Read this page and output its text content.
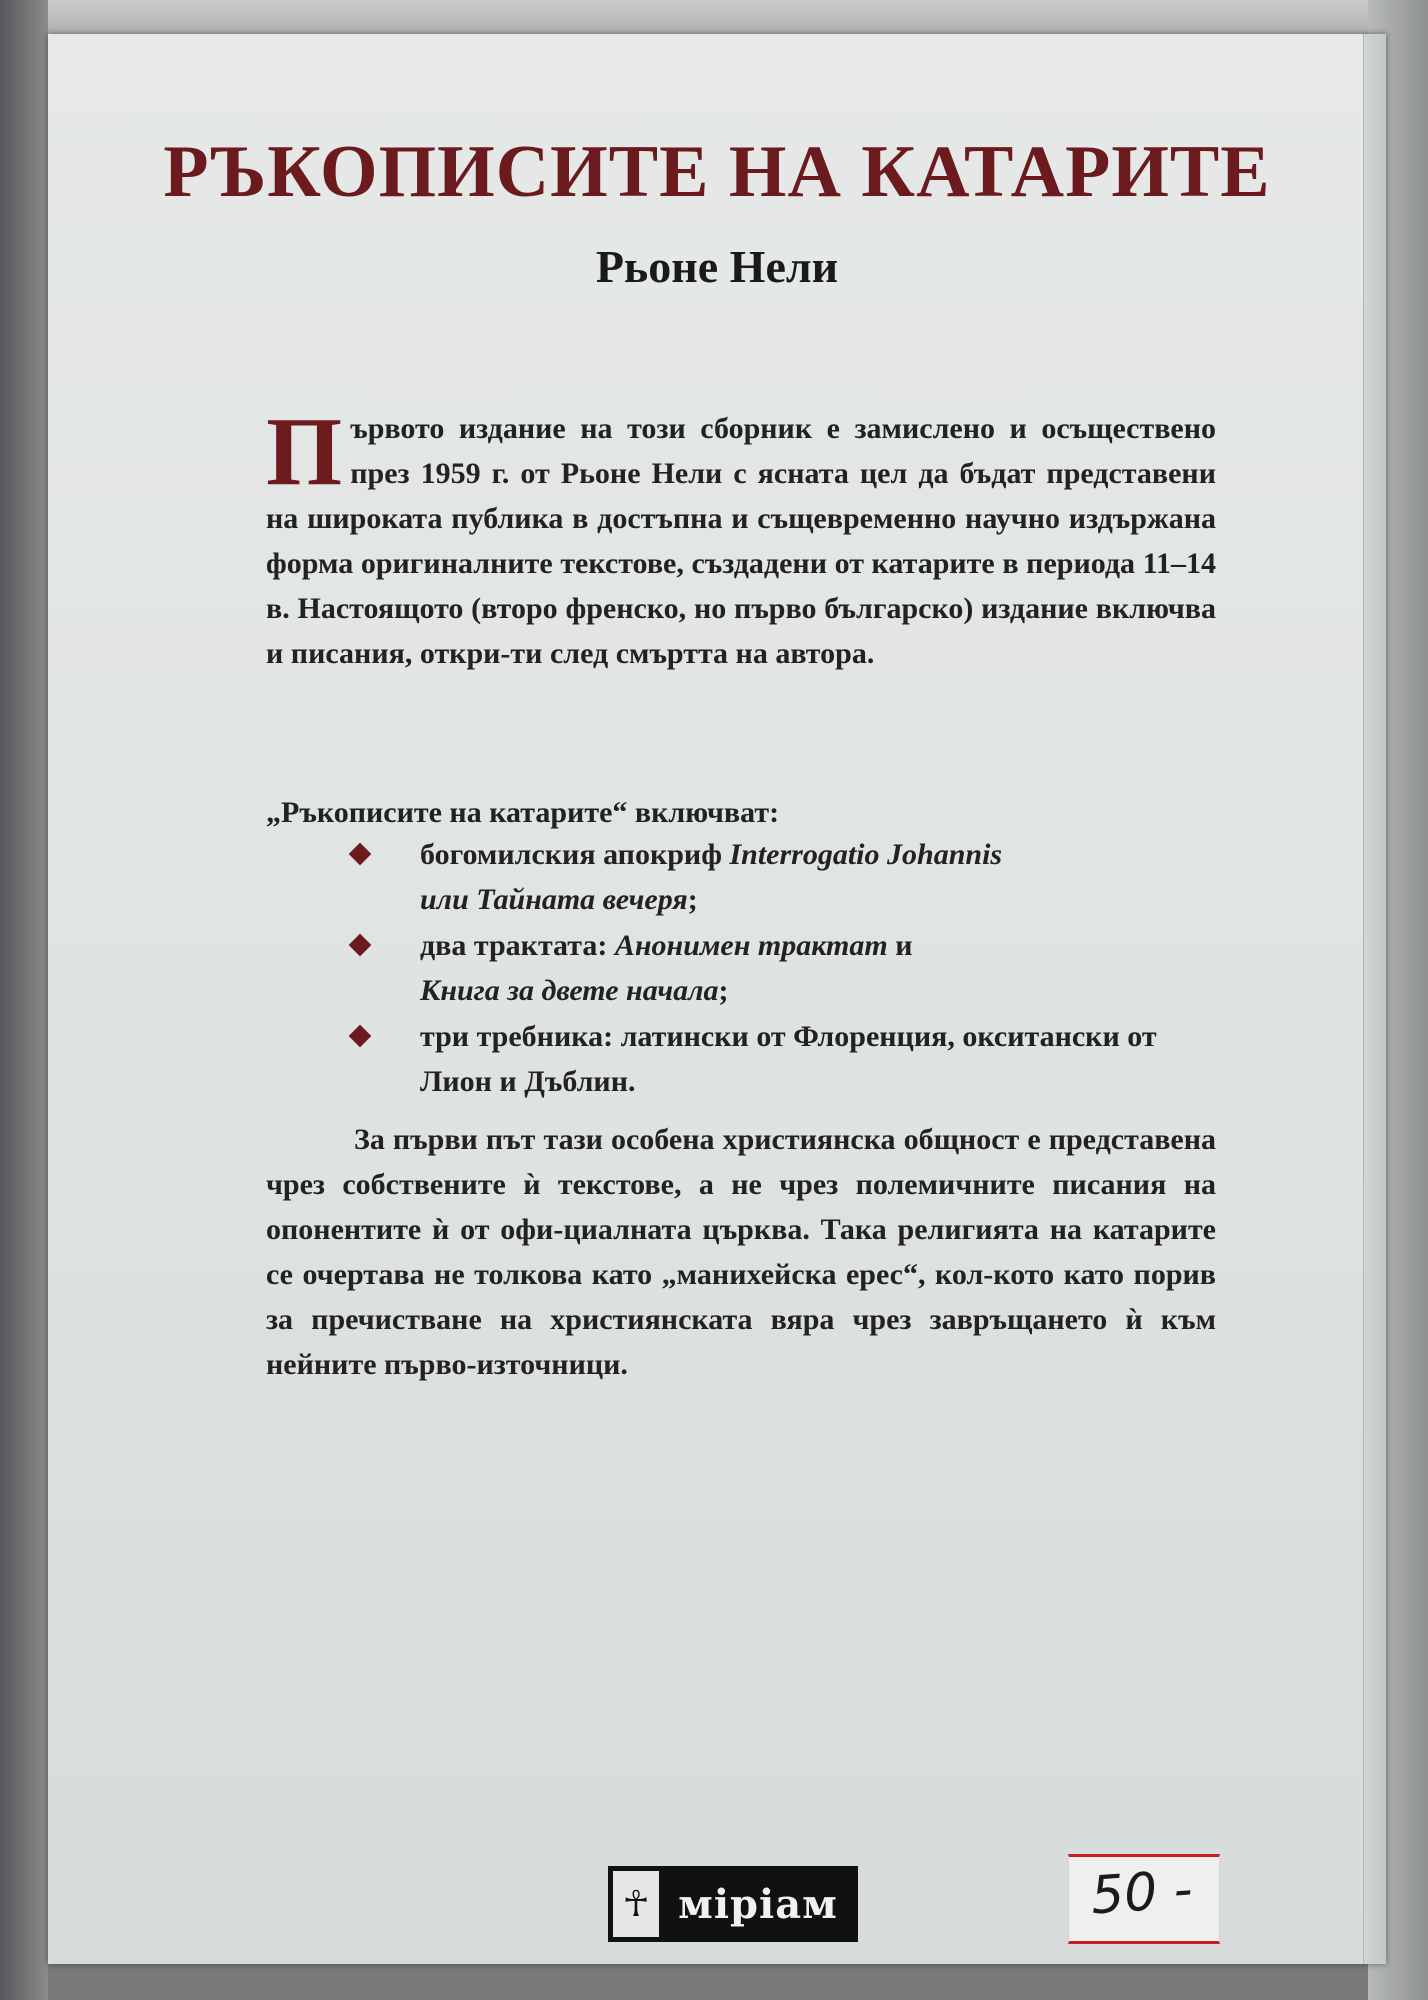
РЪКОПИСИТЕ НА КАТАРИТЕ
Рьоне Нели
Първото издание на този сборник е замислено и осъществено през 1959 г. от Рьоне Нели с ясната цел да бъдат представени на широката публика в достъпна и същевременно научно издържана форма оригиналните текстове, създадени от катарите в периода 11–14 в. Настоящото (второ френско, но първо българско) издание включва и писания, откри-ти след смъртта на автора.
„Ръкописите на катарите“ включват:
богомилския апокриф Interrogatio Johannis
или Тайната вечеря;
два трактата: Анонимен трактат и
Книга за двете начала;
три требника: латински от Флоренция, окситански от Лион и Дъблин.
За първи път тази особена християнска общност е представена чрез собствените ѝ текстове, а не чрез полемичните писания на опонентите ѝ от офи-циалната църква. Така религията на катарите се очертава не толкова като „манихейска ерес“, кол-кото като порив за пречистване на християнската вяра чрез завръщането ѝ към нейните първо-източници.
☥ міріам	50 -
